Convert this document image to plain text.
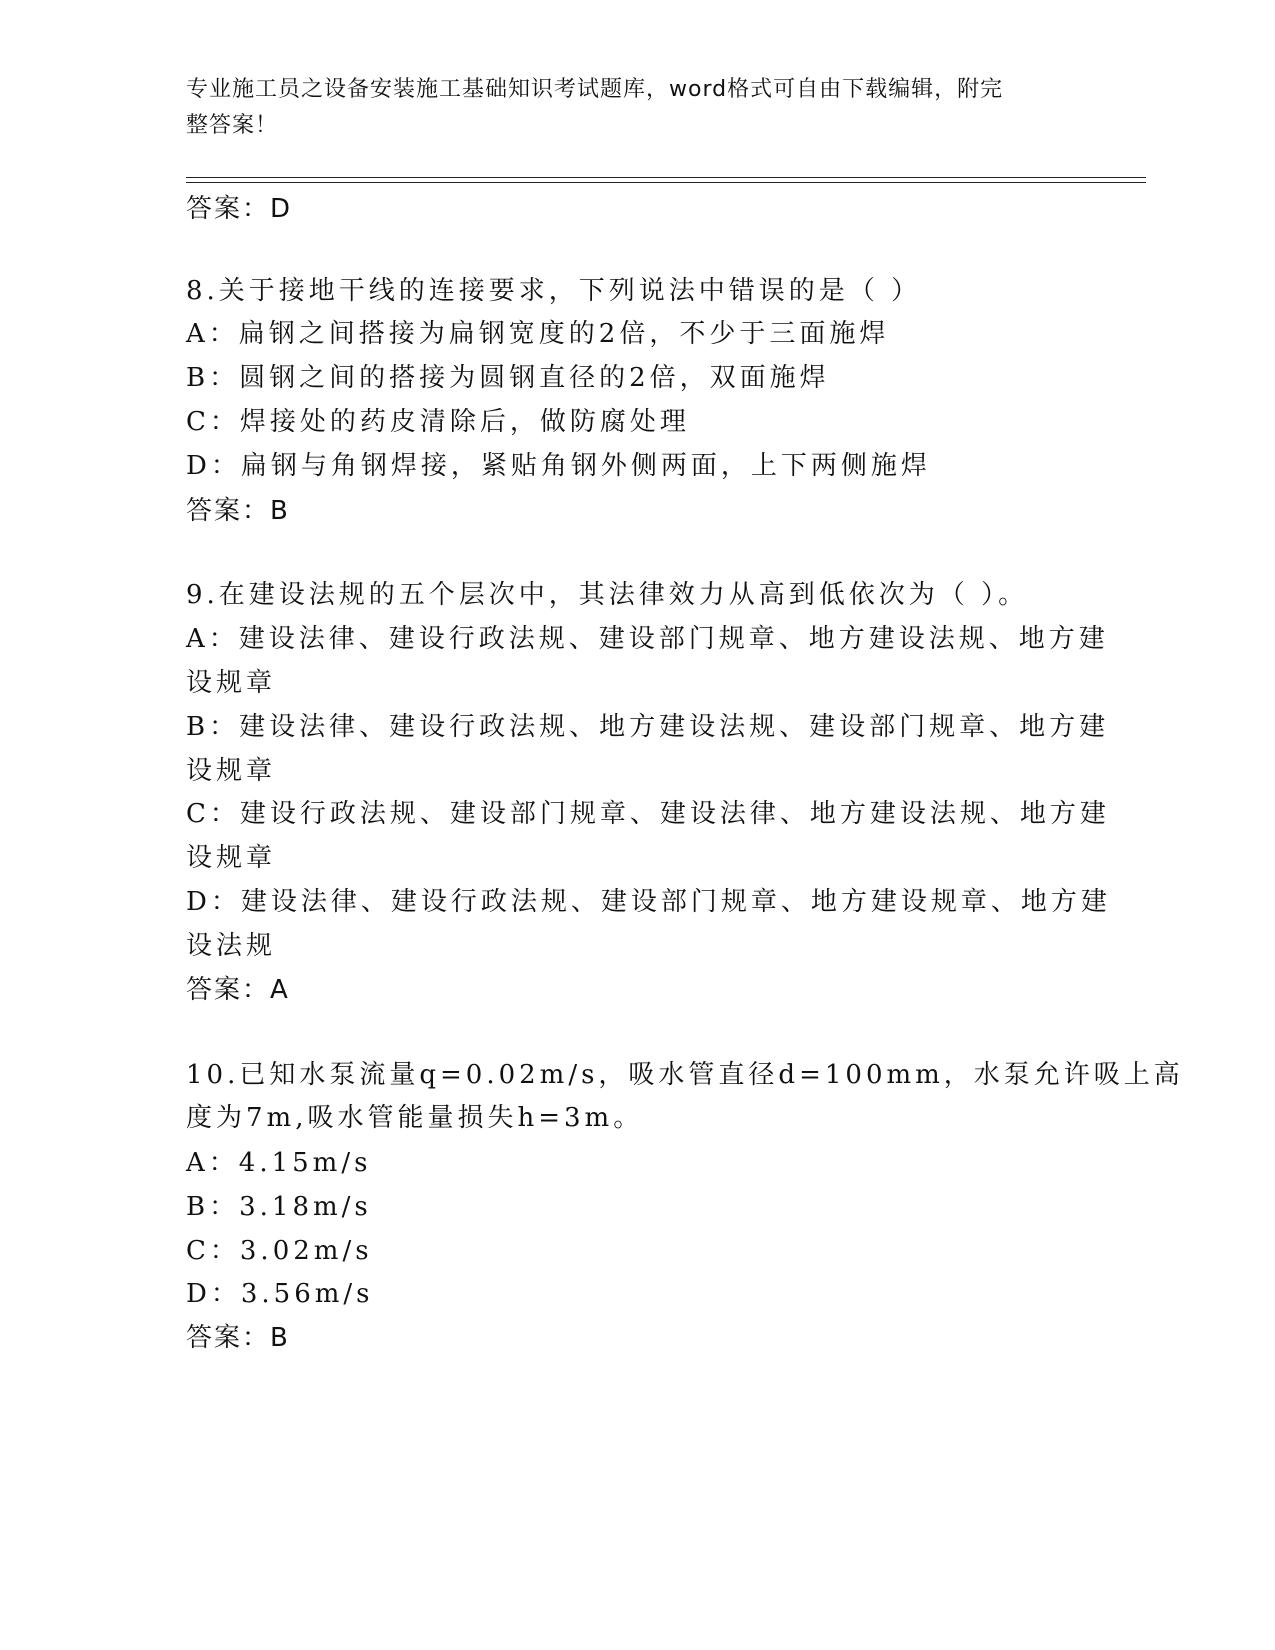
专业施工员之设备安装施工基础知识考试题库，word格式可自由下载编辑，附完
整答案！
答案：D
8.关于接地干线的连接要求，下列说法中错误的是（ ）
A：扁钢之间搭接为扁钢宽度的2倍，不少于三面施焊
B：圆钢之间的搭接为圆钢直径的2倍，双面施焊
C：焊接处的药皮清除后，做防腐处理
D：扁钢与角钢焊接，紧贴角钢外侧两面，上下两侧施焊
答案：B
9.在建设法规的五个层次中，其法律效力从高到低依次为（ ）。
A：建设法律、建设行政法规、建设部门规章、地方建设法规、地方建
设规章
B：建设法律、建设行政法规、地方建设法规、建设部门规章、地方建
设规章
C：建设行政法规、建设部门规章、建设法律、地方建设法规、地方建
设规章
D：建设法律、建设行政法规、建设部门规章、地方建设规章、地方建
设法规
答案：A
10.已知水泵流量q=0.02m/s，吸水管直径d=100mm，水泵允许吸上高
度为7m,吸水管能量损失h=3m。
A：4.15m/s
B：3.18m/s
C：3.02m/s
D：3.56m/s
答案：B
